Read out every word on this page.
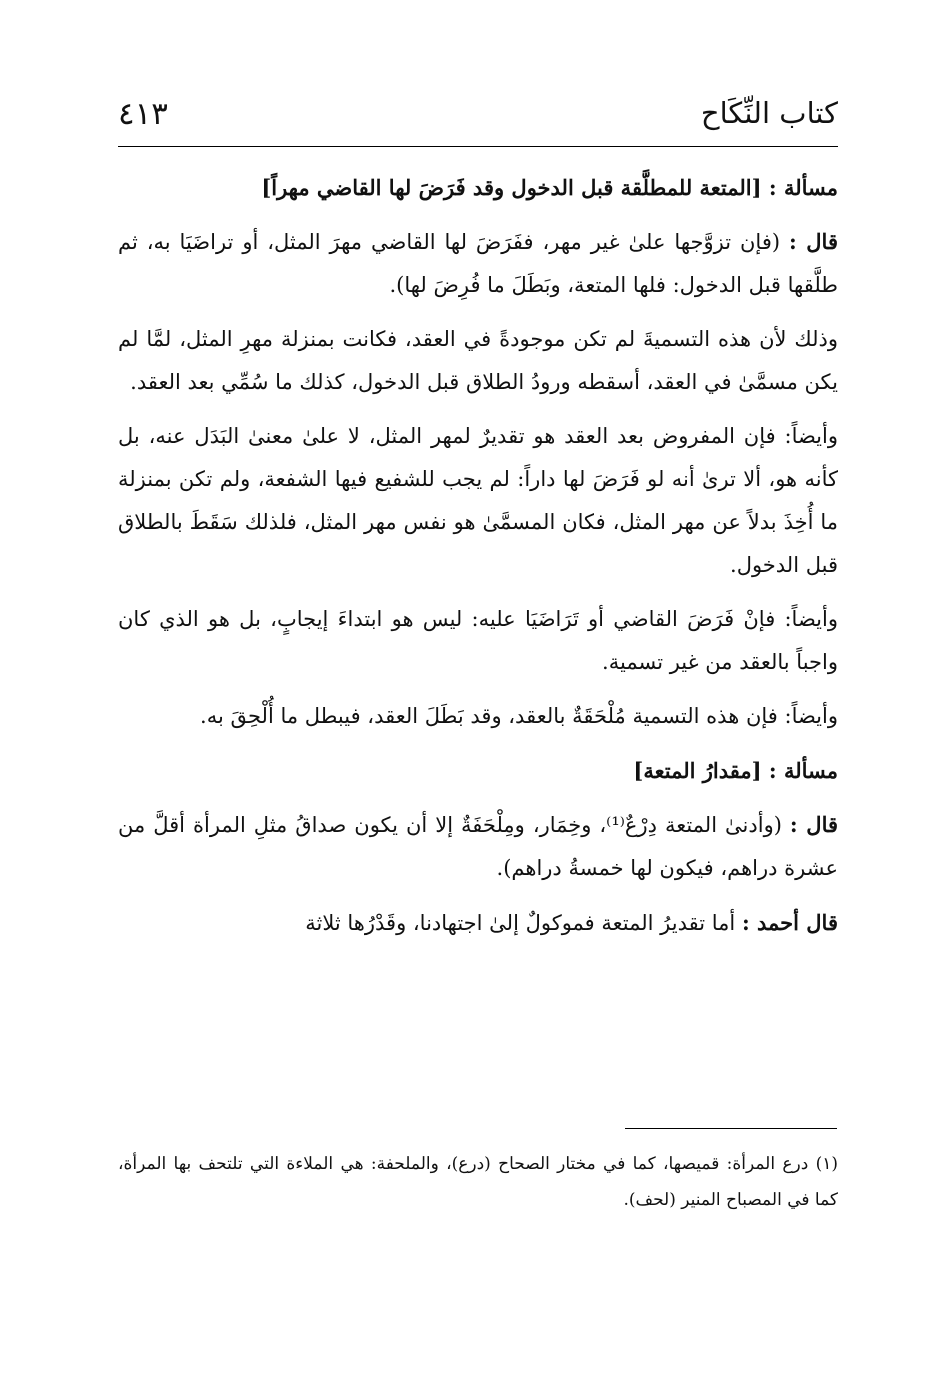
٤١٣	كتاب النِّكَاح

مسألة : [المتعة للمطلَّقة قبل الدخول وقد فَرَضَ لها القاضي مهراً]

قال : (فإن تزوَّجها علىٰ غير مهر، ففَرَضَ لها القاضي مهرَ المثل، أو تراضَيَا به، ثم طلَّقها قبل الدخول: فلها المتعة، وبَطَلَ ما فُرِضَ لها).

وذلك لأن هذه التسميةَ لم تكن موجودةً في العقد، فكانت بمنزلة مهرِ المثل، لمَّا لم يكن مسمَّىٰ في العقد، أسقطه ورودُ الطلاق قبل الدخول، كذلك ما سُمِّي بعد العقد.

وأيضاً: فإن المفروض بعد العقد هو تقديرٌ لمهر المثل، لا علىٰ معنىٰ البَدَل عنه، بل كأنه هو، ألا ترىٰ أنه لو فَرَضَ لها داراً: لم يجب للشفيع فيها الشفعة، ولم تكن بمنزلة ما أُخِذَ بدلاً عن مهر المثل، فكان المسمَّىٰ هو نفس مهر المثل، فلذلك سَقَطَ بالطلاق قبل الدخول.

وأيضاً: فإنْ فَرَضَ القاضي أو تَرَاضَيَا عليه: ليس هو ابتداءَ إيجابٍ، بل هو الذي كان واجباً بالعقد من غير تسمية.

وأيضاً: فإن هذه التسمية مُلْحَقَةٌ بالعقد، وقد بَطَلَ العقد، فيبطل ما أُلْحِقَ به.

مسألة : [مقدارُ المتعة]

قال : (وأدنىٰ المتعة دِرْعٌ⁽¹⁾، وخِمَار، ومِلْحَفَةٌ إلا أن يكون صداقُ مثلِ المرأة أقلَّ من عشرة دراهم، فيكون لها خمسةُ دراهم).

قال أحمد : أما تقديرُ المتعة فموكولٌ إلىٰ اجتهادنا، وقَدْرُها ثلاثة

(١) درع المرأة: قميصها، كما في مختار الصحاح (درع)، والملحفة: هي الملاءة التي تلتحف بها المرأة، كما في المصباح المنير (لحف).
